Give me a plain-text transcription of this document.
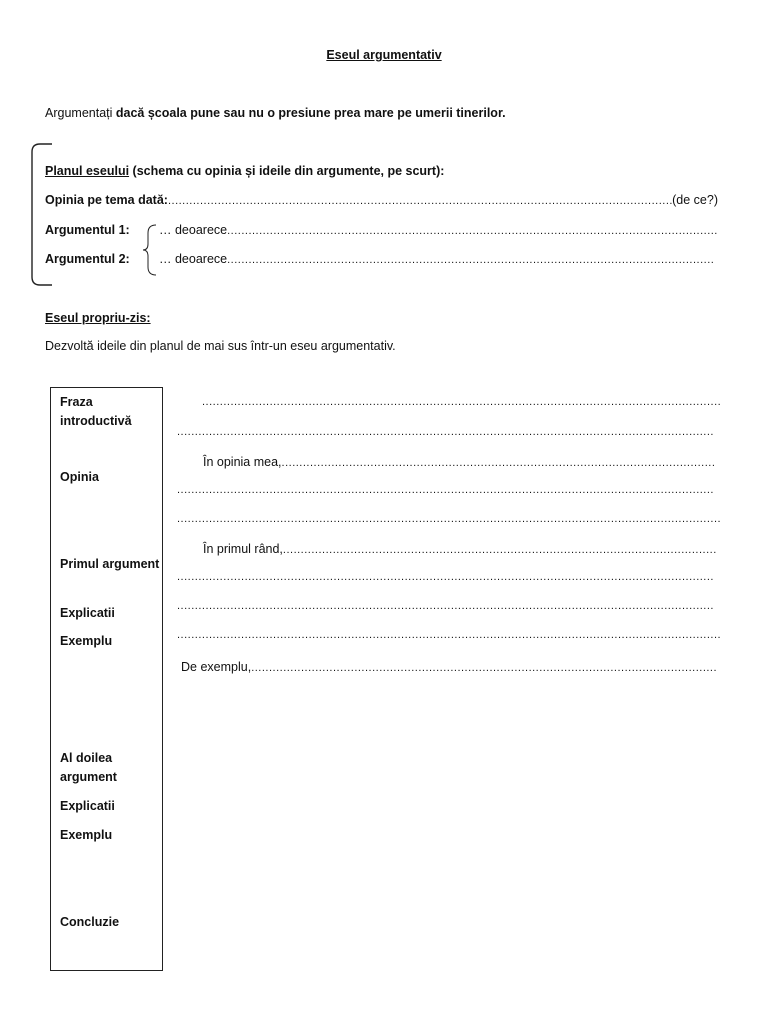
Eseul argumentativ
Argumentați dacă școala pune sau nu o presiune prea mare pe umerii tinerilor.
Planul eseului (schema cu opinia și ideile din argumente, pe scurt):
Opinia pe tema dată:
.....	(de ce?)
Argumentul 1:
Argumentul 2:
… deoarece
.....
… deoarece
.....
Eseul propriu-zis:
Dezvoltă ideile din planul de mai sus într-un eseu argumentativ.
Fraza introductivă
Opinia
Primul argument
Explicatii
Exemplu
Al doilea argument
Explicatii
Exemplu
Concluzie
.....
.....
În opinia mea,
.....
.....
.....
În primul rând,
.....
.....
.....
.....
De exemplu,
.....
